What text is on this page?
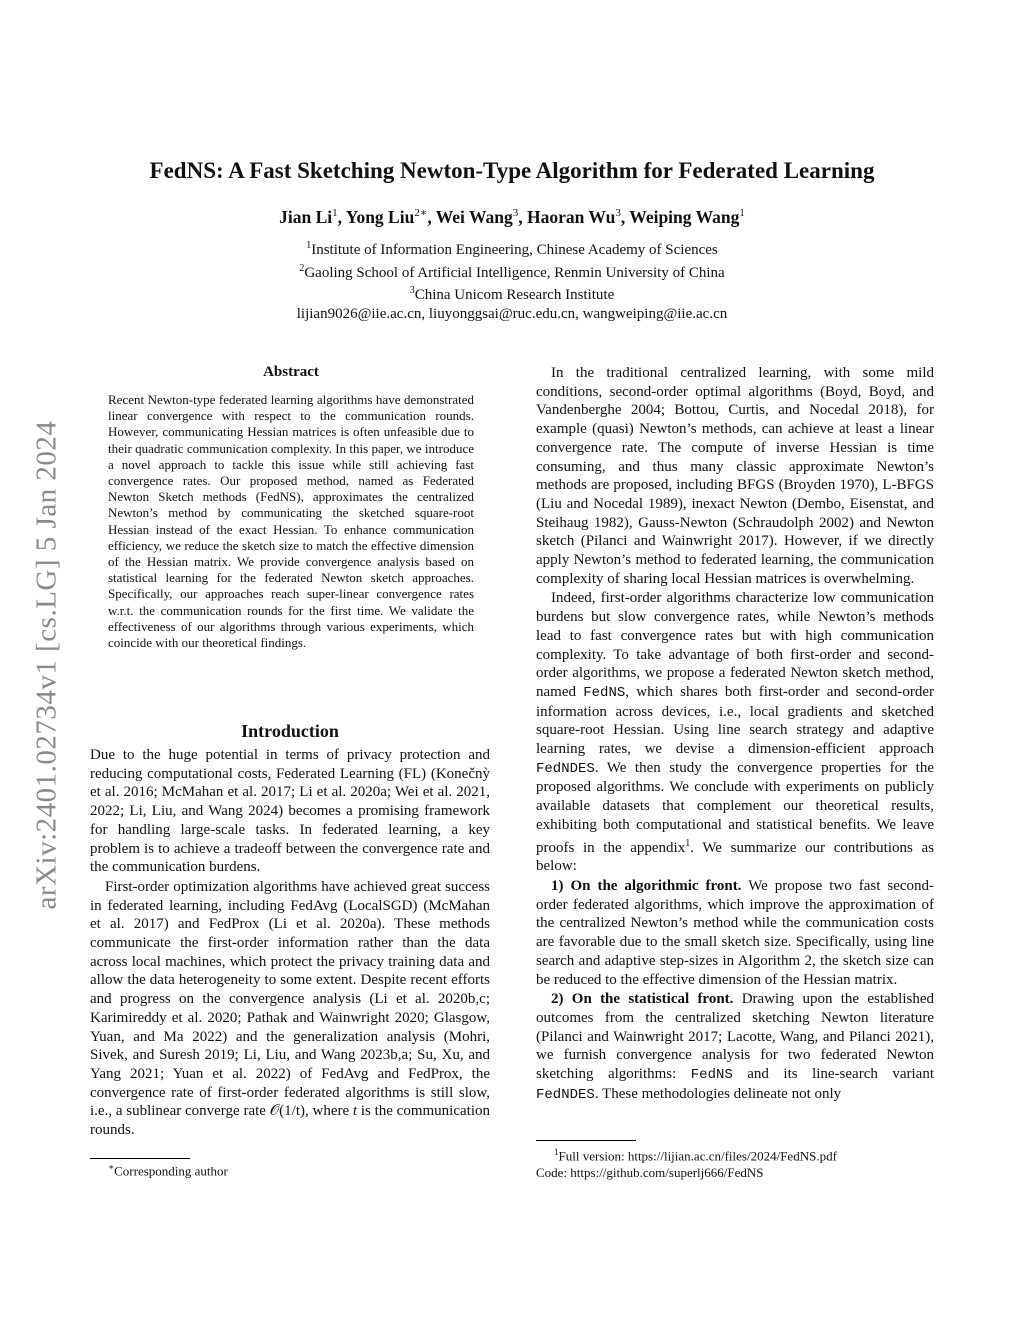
arXiv:2401.02734v1 [cs.LG] 5 Jan 2024
FedNS: A Fast Sketching Newton-Type Algorithm for Federated Learning
Jian Li$^1$, Yong Liu$^{2∗}$, Wei Wang$^3$, Haoran Wu$^3$, Weiping Wang$^1$
$^1$Institute of Information Engineering, Chinese Academy of Sciences
$^2$Gaoling School of Artificial Intelligence, Renmin University of China
$^3$China Unicom Research Institute
lijian9026@iie.ac.cn, liuyonggsai@ruc.edu.cn, wangweiping@iie.ac.cn
Abstract

Recent Newton-type federated learning algorithms have demonstrated linear convergence with respect to the communication rounds. However, communicating Hessian matrices is often unfeasible due to their quadratic communication complexity. In this paper, we introduce a novel approach to tackle this issue while still achieving fast convergence rates. Our proposed method, named as Federated Newton Sketch methods (FedNS), approximates the centralized Newton’s method by communicating the sketched square-root Hessian instead of the exact Hessian. To enhance communication efficiency, we reduce the sketch size to match the effective dimension of the Hessian matrix. We provide convergence analysis based on statistical learning for the federated Newton sketch approaches. Specifically, our approaches reach super-linear convergence rates w.r.t. the communication rounds for the first time. We validate the effectiveness of our algorithms through various experiments, which coincide with our theoretical findings.

Introduction

Due to the huge potential in terms of privacy protection and reducing computational costs, Federated Learning (FL) (Konečnỳ et al. 2016; McMahan et al. 2017; Li et al. 2020a; Wei et al. 2021, 2022; Li, Liu, and Wang 2024) becomes a promising framework for handling large-scale tasks. In federated learning, a key problem is to achieve a tradeoff between the convergence rate and the communication burdens.

First-order optimization algorithms have achieved great success in federated learning, including FedAvg (LocalSGD) (McMahan et al. 2017) and FedProx (Li et al. 2020a). These methods communicate the first-order information rather than the data across local machines, which protect the privacy training data and allow the data heterogeneity to some extent. Despite recent efforts and progress on the convergence analysis (Li et al. 2020b,c; Karimireddy et al. 2020; Pathak and Wainwright 2020; Glasgow, Yuan, and Ma 2022) and the generalization analysis (Mohri, Sivek, and Suresh 2019; Li, Liu, and Wang 2023b,a; Su, Xu, and Yang 2021; Yuan et al. 2022) of FedAvg and FedProx, the convergence rate of first-order federated algorithms is still slow, i.e., a sublinear converge rate 𝒪(1/t), where t is the communication rounds.

In the traditional centralized learning, with some mild conditions, second-order optimal algorithms (Boyd, Boyd, and Vandenberghe 2004; Bottou, Curtis, and Nocedal 2018), for example (quasi) Newton’s methods, can achieve at least a linear convergence rate. The compute of inverse Hessian is time consuming, and thus many classic approximate Newton’s methods are proposed, including BFGS (Broyden 1970), L-BFGS (Liu and Nocedal 1989), inexact Newton (Dembo, Eisenstat, and Steihaug 1982), Gauss-Newton (Schraudolph 2002) and Newton sketch (Pilanci and Wainwright 2017). However, if we directly apply Newton’s method to federated learning, the communication complexity of sharing local Hessian matrices is overwhelming.

Indeed, first-order algorithms characterize low communication burdens but slow convergence rates, while Newton’s methods lead to fast convergence rates but with high communication complexity. To take advantage of both first-order and second-order algorithms, we propose a federated Newton sketch method, named FedNS, which shares both first-order and second-order information across devices, i.e., local gradients and sketched square-root Hessian. Using line search strategy and adaptive learning rates, we devise a dimension-efficient approach FedNDES. We then study the convergence properties for the proposed algorithms. We conclude with experiments on publicly available datasets that complement our theoretical results, exhibiting both computational and statistical benefits. We leave proofs in the appendix$^1$. We summarize our contributions as below:

1) On the algorithmic front. We propose two fast second-order federated algorithms, which improve the approximation of the centralized Newton’s method while the communication costs are favorable due to the small sketch size. Specifically, using line search and adaptive step-sizes in Algorithm 2, the sketch size can be reduced to the effective dimension of the Hessian matrix.

2) On the statistical front. Drawing upon the established outcomes from the centralized sketching Newton literature (Pilanci and Wainwright 2017; Lacotte, Wang, and Pilanci 2021), we furnish convergence analysis for two federated Newton sketching algorithms: FedNS and its line-search variant FedNDES. These methodologies delineate not only

∗Corresponding author
$^1$Full version: https://lijian.ac.cn/files/2024/FedNS.pdf
Code: https://github.com/superlj666/FedNS
